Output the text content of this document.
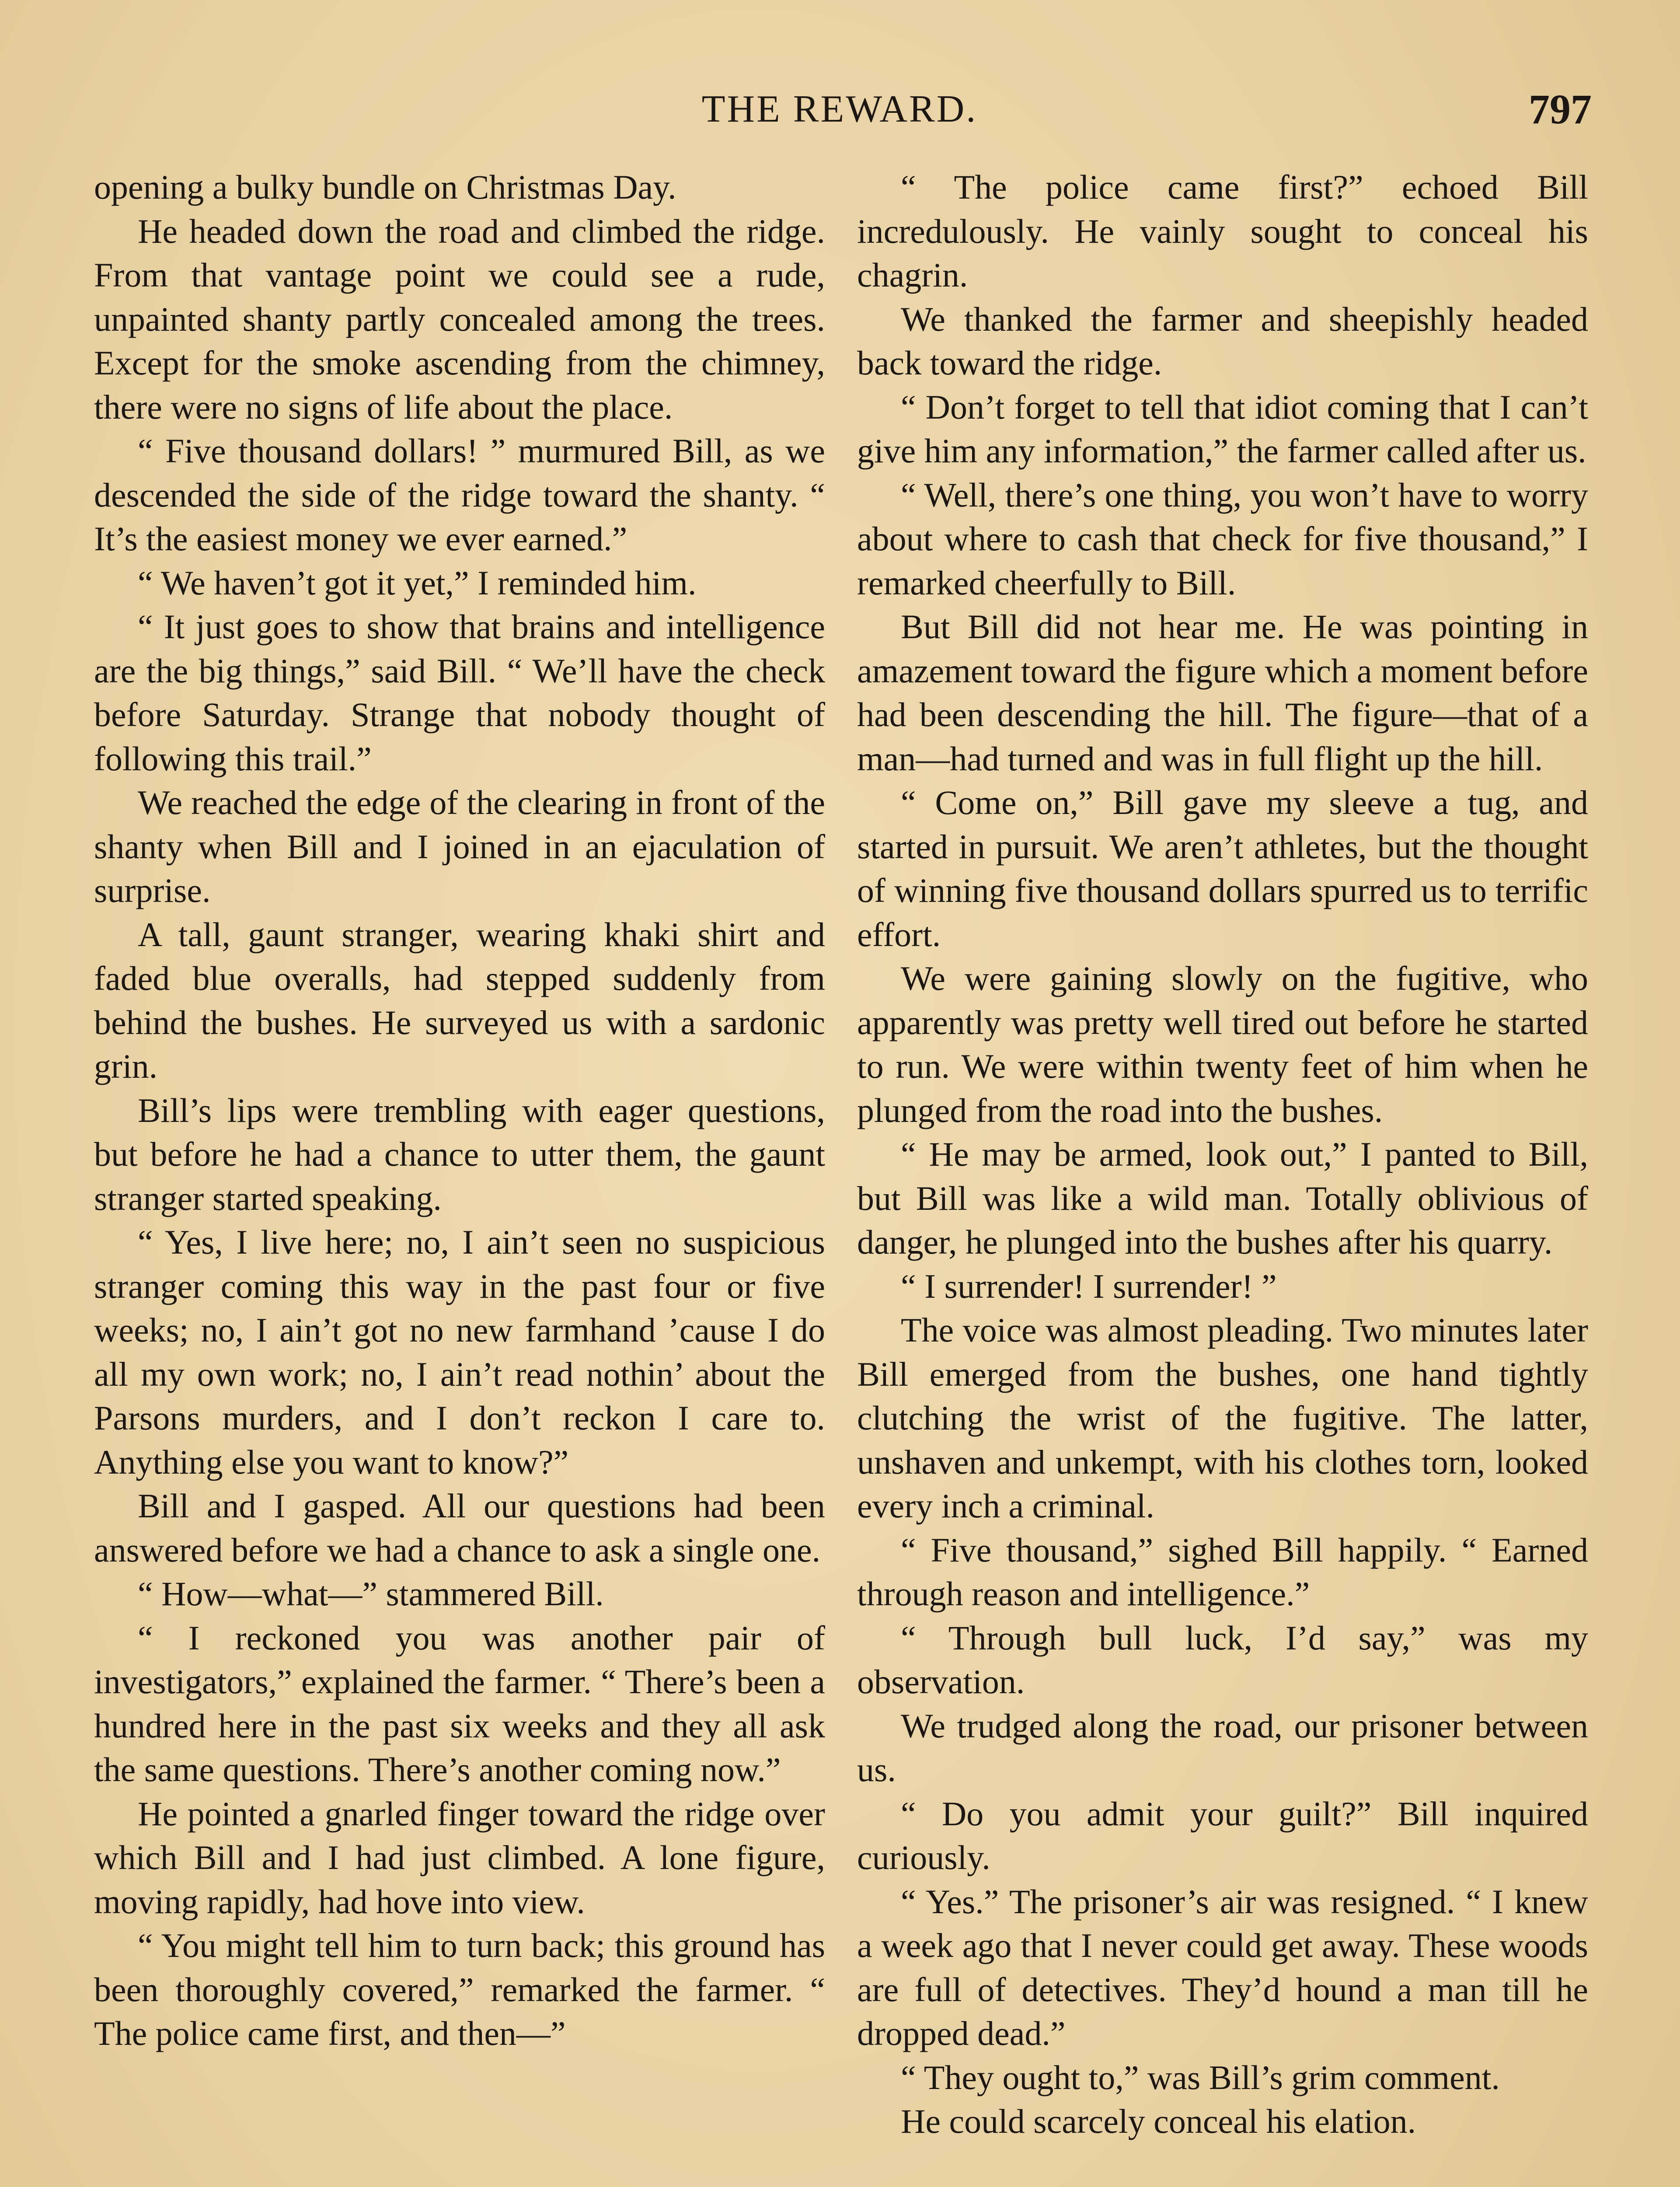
THE REWARD.	797

opening a bulky bundle on Christmas Day.

He headed down the road and climbed the ridge. From that vantage point we could see a rude, unpainted shanty partly concealed among the trees. Except for the smoke ascending from the chimney, there were no signs of life about the place.

“ Five thousand dollars! ” murmured Bill, as we descended the side of the ridge toward the shanty. “ It’s the easiest money we ever earned.”

“ We haven’t got it yet,” I reminded him.

“ It just goes to show that brains and intelligence are the big things,” said Bill. “ We’ll have the check before Saturday. Strange that nobody thought of following this trail.”

We reached the edge of the clearing in front of the shanty when Bill and I joined in an ejaculation of surprise.

A tall, gaunt stranger, wearing khaki shirt and faded blue overalls, had stepped suddenly from behind the bushes. He surveyed us with a sardonic grin.

Bill’s lips were trembling with eager questions, but before he had a chance to utter them, the gaunt stranger started speaking.

“ Yes, I live here; no, I ain’t seen no suspicious stranger coming this way in the past four or five weeks; no, I ain’t got no new farmhand ’cause I do all my own work; no, I ain’t read nothin’ about the Parsons murders, and I don’t reckon I care to. Anything else you want to know?”

Bill and I gasped. All our questions had been answered before we had a chance to ask a single one.

“ How—what—” stammered Bill.

“ I reckoned you was another pair of investigators,” explained the farmer. “ There’s been a hundred here in the past six weeks and they all ask the same questions. There’s another coming now.”

He pointed a gnarled finger toward the ridge over which Bill and I had just climbed. A lone figure, moving rapidly, had hove into view.

“ You might tell him to turn back; this ground has been thoroughly covered,” remarked the farmer. “ The police came first, and then—”

“ The police came first?” echoed Bill incredulously. He vainly sought to conceal his chagrin.

We thanked the farmer and sheepishly headed back toward the ridge.

“ Don’t forget to tell that idiot coming that I can’t give him any information,” the farmer called after us.

“ Well, there’s one thing, you won’t have to worry about where to cash that check for five thousand,” I remarked cheerfully to Bill.

But Bill did not hear me. He was pointing in amazement toward the figure which a moment before had been descending the hill. The figure—that of a man—had turned and was in full flight up the hill.

“ Come on,” Bill gave my sleeve a tug, and started in pursuit. We aren’t athletes, but the thought of winning five thousand dollars spurred us to terrific effort.

We were gaining slowly on the fugitive, who apparently was pretty well tired out before he started to run. We were within twenty feet of him when he plunged from the road into the bushes.

“ He may be armed, look out,” I panted to Bill, but Bill was like a wild man. Totally oblivious of danger, he plunged into the bushes after his quarry.

“ I surrender! I surrender! ”

The voice was almost pleading. Two minutes later Bill emerged from the bushes, one hand tightly clutching the wrist of the fugitive. The latter, unshaven and unkempt, with his clothes torn, looked every inch a criminal.

“ Five thousand,” sighed Bill happily. “ Earned through reason and intelligence.”

“ Through bull luck, I’d say,” was my observation.

We trudged along the road, our prisoner between us.

“ Do you admit your guilt?” Bill inquired curiously.

“ Yes.” The prisoner’s air was resigned. “ I knew a week ago that I never could get away. These woods are full of detectives. They’d hound a man till he dropped dead.”

“ They ought to,” was Bill’s grim comment.

He could scarcely conceal his elation.
